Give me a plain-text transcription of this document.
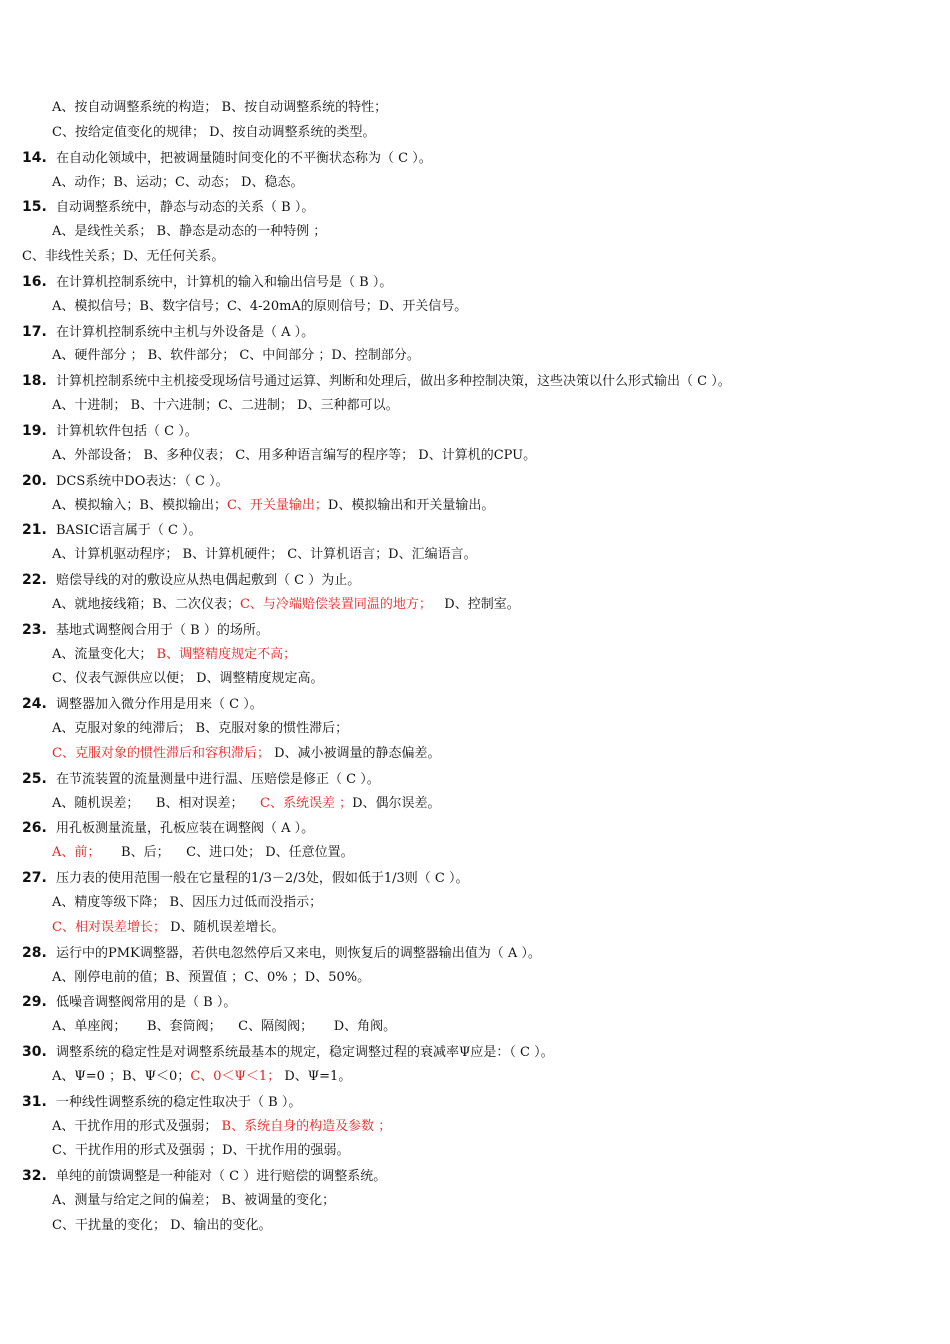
A、按自动调整系统的构造； B、按自动调整系统的特性；
C、按给定值变化的规律； D、按自动调整系统的类型。
14. 在自动化领域中，把被调量随时间变化的不平衡状态称为（ C ）。
A、动作；B、运动；C、动态； D、稳态。
15. 自动调整系统中，静态与动态的关系（ B ）。
A、是线性关系； B、静态是动态的一种特例 ；
C、非线性关系；D、无任何关系。
16. 在计算机控制系统中，计算机的输入和输出信号是（ B ）。
A、模拟信号；B、数字信号；C、4-20mA的原则信号；D、开关信号。
17. 在计算机控制系统中主机与外设备是（ A ）。
A、硬件部分 ； B、软件部分； C、中间部分 ；D、控制部分。
18. 计算机控制系统中主机接受现场信号通过运算、判断和处理后，做出多种控制决策，这些决策以什么形式输出（ C ）。
A、十进制； B、十六进制；C、二进制； D、三种都可以。
19. 计算机软件包括（ C ）。
A、外部设备； B、多种仪表； C、用多种语言编写的程序等； D、计算机的CPU。
20. DCS系统中DO表达：（ C ）。
A、模拟输入；B、模拟输出；C、开关量输出；D、模拟输出和开关量输出。
21. BASIC语言属于（ C ）。
A、计算机驱动程序； B、计算机硬件； C、计算机语言；D、汇编语言。
22. 赔偿导线的对的敷设应从热电偶起敷到（ C ）为止。
A、就地接线箱；B、二次仪表；C、与冷端赔偿装置同温的地方；   D、控制室。
23. 基地式调整阀合用于（ B ）的场所。
A、流量变化大； B、调整精度规定不高；
C、仪表气源供应以便； D、调整精度规定高。
24. 调整器加入微分作用是用来（ C ）。
A、克服对象的纯滞后； B、克服对象的惯性滞后；
C、克服对象的惯性滞后和容积滞后； D、减小被调量的静态偏差。
25. 在节流装置的流量测量中进行温、压赔偿是修正（ C ）。
A、随机误差；    B、相对误差；    C、系统误差 ；D、偶尔误差。
26. 用孔板测量流量，孔板应装在调整阀（ A ）。
A、前；     B、后；    C、进口处； D、任意位置。
27. 压力表的使用范围一般在它量程的1/3－2/3处，假如低于1/3则（ C ）。
A、精度等级下降； B、因压力过低而没指示；
C、相对误差增长； D、随机误差增长。
28. 运行中的PMK调整器，若供电忽然停后又来电，则恢复后的调整器输出值为（ A ）。
A、刚停电前的值；B、预置值 ；C、0% ；D、50%。
29. 低噪音调整阀常用的是（ B ）。
A、单座阀；     B、套筒阀；    C、隔阂阀；     D、角阀。
30. 调整系统的稳定性是对调整系统最基本的规定，稳定调整过程的衰减率Ψ应是：（ C ）。
A、Ψ=0 ；B、Ψ＜0；C、0＜Ψ＜1； D、Ψ=1。
31. 一种线性调整系统的稳定性取决于（ B ）。
A、干扰作用的形式及强弱； B、系统自身的构造及参数 ；
C、干扰作用的形式及强弱 ；D、干扰作用的强弱。
32. 单纯的前馈调整是一种能对（ C ）进行赔偿的调整系统。
A、测量与给定之间的偏差； B、被调量的变化；
C、干扰量的变化； D、输出的变化。
